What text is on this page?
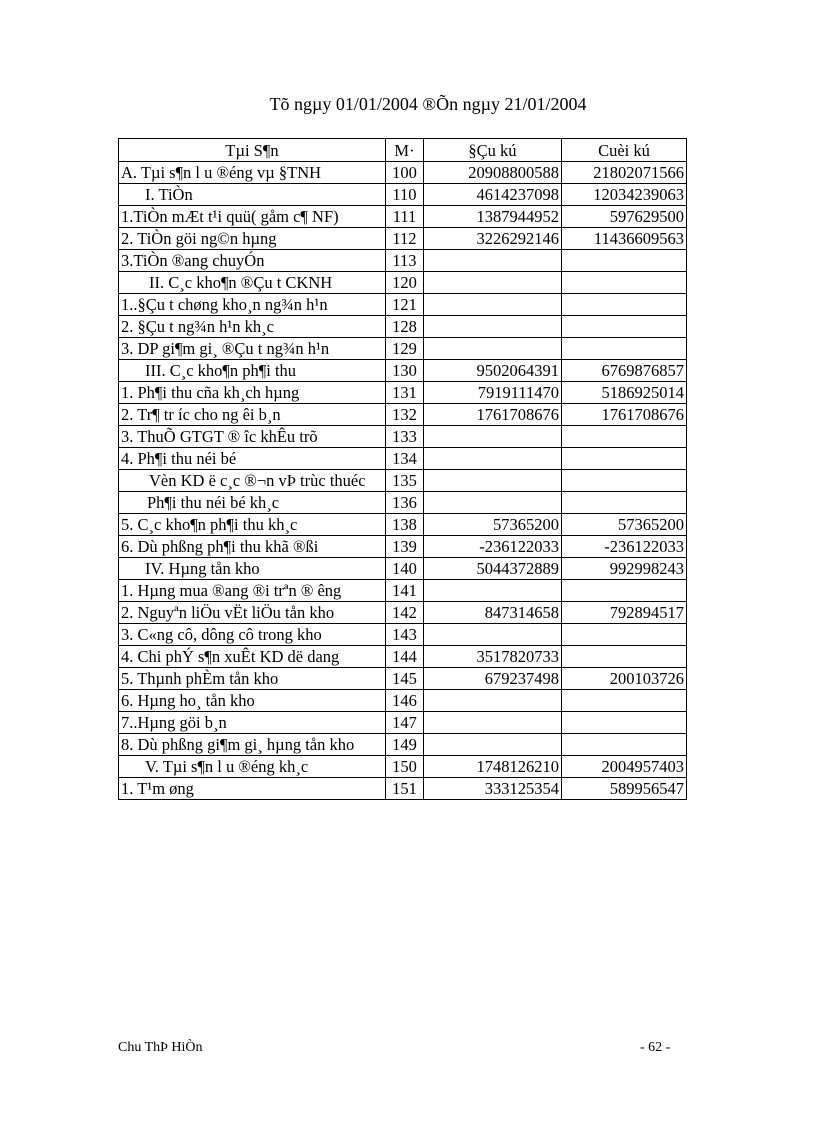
Tõ ngµy 01/01/2004 ®Õn ngµy 21/01/2004
Tµi S¶n	M·	§Çu kú	Cuèi kú
A. Tµi s¶n l u ®éng vµ §TNH	100	20908800588	21802071566
I. TiÒn	110	4614237098	12034239063
1.TiÒn mÆt t¹i quü( gåm c¶ NF)	111	1387944952	597629500
2. TiÒn göi ng©n hµng	112	3226292146	11436609563
3.TiÒn ®ang chuyÓn	113		
II. C¸c kho¶n ®Çu t CKNH	120		
1..§Çu t chøng kho¸n ng¾n h¹n	121		
2. §Çu t ng¾n h¹n kh¸c	128		
3. DP gi¶m gi¸ ®Çu t ng¾n h¹n	129		
III. C¸c kho¶n ph¶i thu	130	9502064391	6769876857
1. Ph¶i thu cña kh¸ch hµng	131	7919111470	5186925014
2. Tr¶ tr íc cho ng êi b¸n	132	1761708676	1761708676
3. ThuÕ GTGT ® îc khÊu trõ	133		
4. Ph¶i thu néi bé	134		
Vèn KD ë c¸c ®¬n vÞ trùc thuéc	135		
Ph¶i thu néi bé kh¸c	136		
5. C¸c kho¶n ph¶i thu kh¸c	138	57365200	57365200
6. Dù phßng ph¶i thu khã ®ßi	139	-236122033	-236122033
IV. Hµng tån kho	140	5044372889	992998243
1. Hµng mua ®ang ®i trªn ® êng	141		
2. Nguyªn liÖu vËt liÖu tån kho	142	847314658	792894517
3. C«ng cô, dông cô trong kho	143		
4. Chi phÝ s¶n xuÊt KD dë dang	144	3517820733	
5. Thµnh phÈm tån kho	145	679237498	200103726
6. Hµng ho¸ tån kho	146		
7..Hµng göi b¸n	147		
8. Dù phßng gi¶m gi¸ hµng tån kho	149		
V. Tµi s¶n l u ®éng kh¸c	150	1748126210	2004957403
1. T¹m øng	151	333125354	589956547
Chu ThÞ HiÒn	- 62 -
